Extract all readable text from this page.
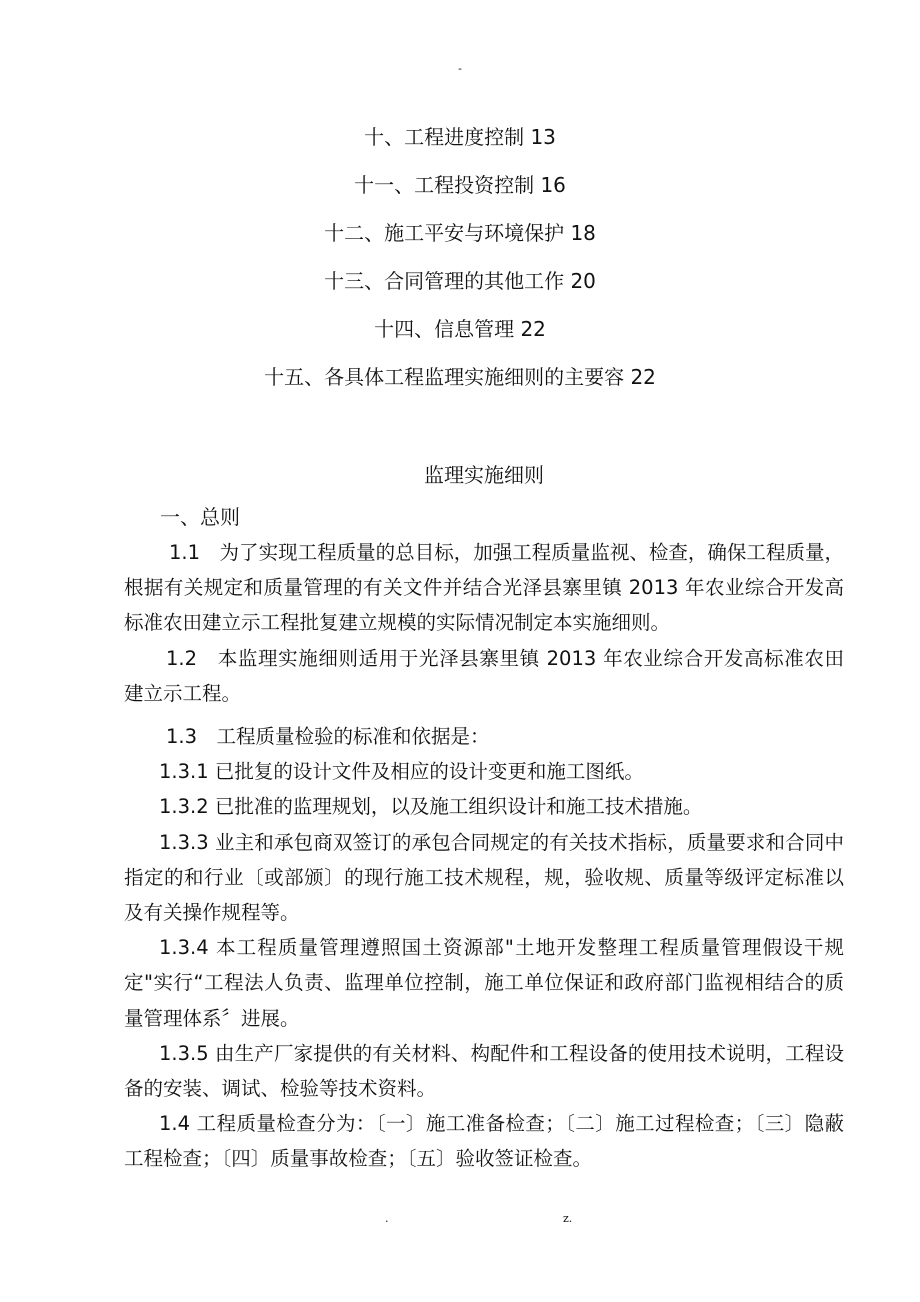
-
十、工程进度控制 13
十一、工程投资控制 16
十二、施工平安与环境保护 18
十三、合同管理的其他工作 20
十四、信息管理 22
十五、各具体工程监理实施细则的主要容 22
监理实施细则
一、总则

1.1　为了实现工程质量的总目标，加强工程质量监视、检查，确保工程质量，根据有关规定和质量管理的有关文件并结合光泽县寨里镇 2013 年农业综合开发高标准农田建立示工程批复建立规模的实际情况制定本实施细则。

1.2　本监理实施细则适用于光泽县寨里镇 2013 年农业综合开发高标准农田建立示工程。

1.3　工程质量检验的标准和依据是：

1.3.1 已批复的设计文件及相应的设计变更和施工图纸。

1.3.2 已批准的监理规划，以及施工组织设计和施工技术措施。

1.3.3 业主和承包商双签订的承包合同规定的有关技术指标，质量要求和合同中指定的和行业〔或部颁〕的现行施工技术规程，规，验收规、质量等级评定标准以及有关操作规程等。

1.3.4 本工程质量管理遵照国土资源部"土地开发整理工程质量管理假设干规定"实行“工程法人负责、监理单位控制，施工单位保证和政府部门监视相结合的质量管理体系〞进展。

1.3.5 由生产厂家提供的有关材料、构配件和工程设备的使用技术说明，工程设备的安装、调试、检验等技术资料。

1.4 工程质量检查分为：〔一〕施工准备检查；〔二〕施工过程检查；〔三〕隐蔽工程检查；〔四〕质量事故检查；〔五〕验收签证检查。

.	z.
